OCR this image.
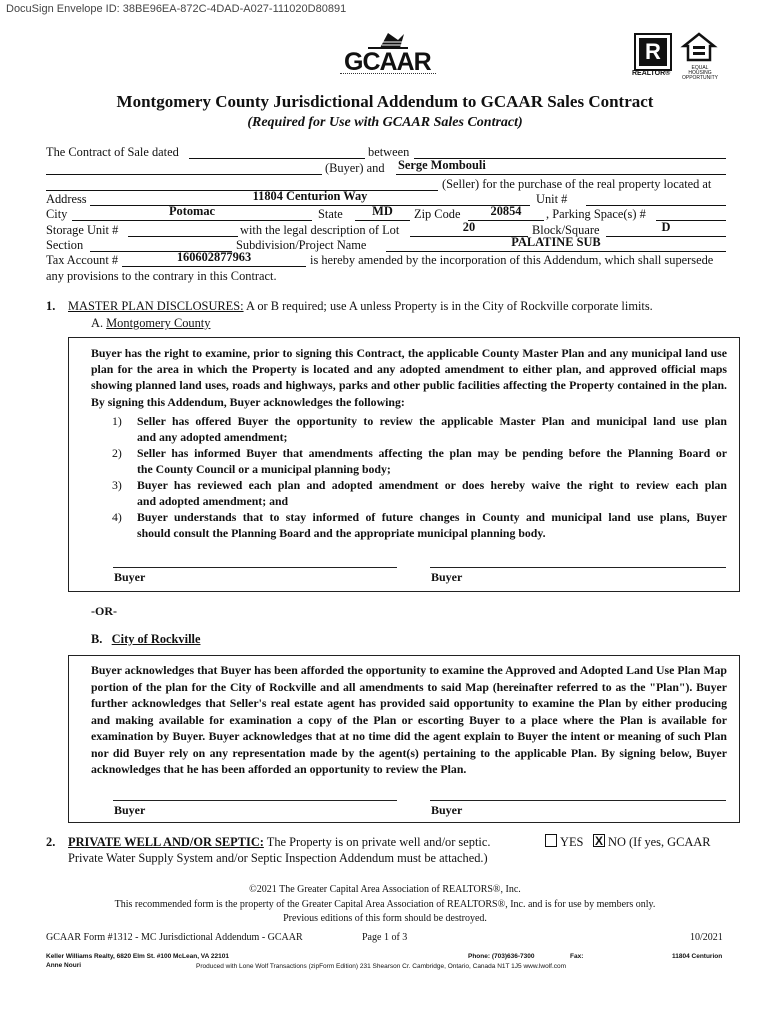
DocuSign Envelope ID: 38BE96EA-872C-4DAD-A027-111020D80891
GCAAR	R
REALTOR®
EQUAL HOUSING OPPORTUNITY
Montgomery County Jurisdictional Addendum to GCAAR Sales Contract
(Required for Use with GCAAR Sales Contract)
The Contract of Sale dated	between
(Buyer) and Serge Mombouli
(Seller) for the purchase of the real property located at
Address	11804 Centurion Way	Unit #
City	Potomac	State	MD	Zip Code	20854	, Parking Space(s) #
Storage Unit #	with the legal description of Lot	20	Block/Square	D
Section	Subdivision/Project Name	PALATINE SUB
Tax Account #	160602877963	is hereby amended by the incorporation of this Addendum, which shall supersede
any provisions to the contrary in this Contract.
1. MASTER PLAN DISCLOSURES: A or B required; use A unless Property is in the City of Rockville corporate limits.
A. Montgomery County
Buyer has the right to examine, prior to signing this Contract, the applicable County Master Plan and any municipal land use plan for the area in which the Property is located and any adopted amendment to either plan, and approved official maps showing planned land uses, roads and highways, parks and other public facilities affecting the Property contained in the plan. By signing this Addendum, Buyer acknowledges the following:
1)	Seller has offered Buyer the opportunity to review the applicable Master Plan and municipal land use plan
and any adopted amendment;
2)	Seller has informed Buyer that amendments affecting the plan may be pending before the Planning Board or
the County Council or a municipal planning body;
3)	Buyer has reviewed each plan and adopted amendment or does hereby waive the right to review each plan
and adopted amendment; and
4)	Buyer understands that to stay informed of future changes in County and municipal land use plans, Buyer
should consult the Planning Board and the appropriate municipal planning body.
Buyer	Buyer
-OR-
B. City of Rockville
Buyer acknowledges that Buyer has been afforded the opportunity to examine the Approved and Adopted Land Use Plan Map portion of the plan for the City of Rockville and all amendments to said Map (hereinafter referred to as the "Plan"). Buyer further acknowledges that Seller's real estate agent has provided said opportunity to examine the Plan by either producing and making available for examination a copy of the Plan or escorting Buyer to a place where the Plan is available for examination by Buyer. Buyer acknowledges that at no time did the agent explain to Buyer the intent or meaning of such Plan nor did Buyer rely on any representation made by the agent(s) pertaining to the applicable Plan. By signing below, Buyer acknowledges that he has been afforded an opportunity to review the Plan.
Buyer	Buyer
2. PRIVATE WELL AND/OR SEPTIC: The Property is on private well and/or septic.	YES X NO (If yes, GCAAR
Private Water Supply System and/or Septic Inspection Addendum must be attached.)
©2021 The Greater Capital Area Association of REALTORS®, Inc.
This recommended form is the property of the Greater Capital Area Association of REALTORS®, Inc. and is for use by members only.
Previous editions of this form should be destroyed.
GCAAR Form #1312 - MC Jurisdictional Addendum - GCAAR	Page 1 of 3	10/2021
Keller Williams Realty, 6820 Elm St. #100 McLean, VA 22101
Anne Nouri
Phone: (703)636-7300	Fax:	11804 Centurion
Produced with Lone Wolf Transactions (zipForm Edition) 231 Shearson Cr. Cambridge, Ontario, Canada N1T 1J5 www.lwolf.com
